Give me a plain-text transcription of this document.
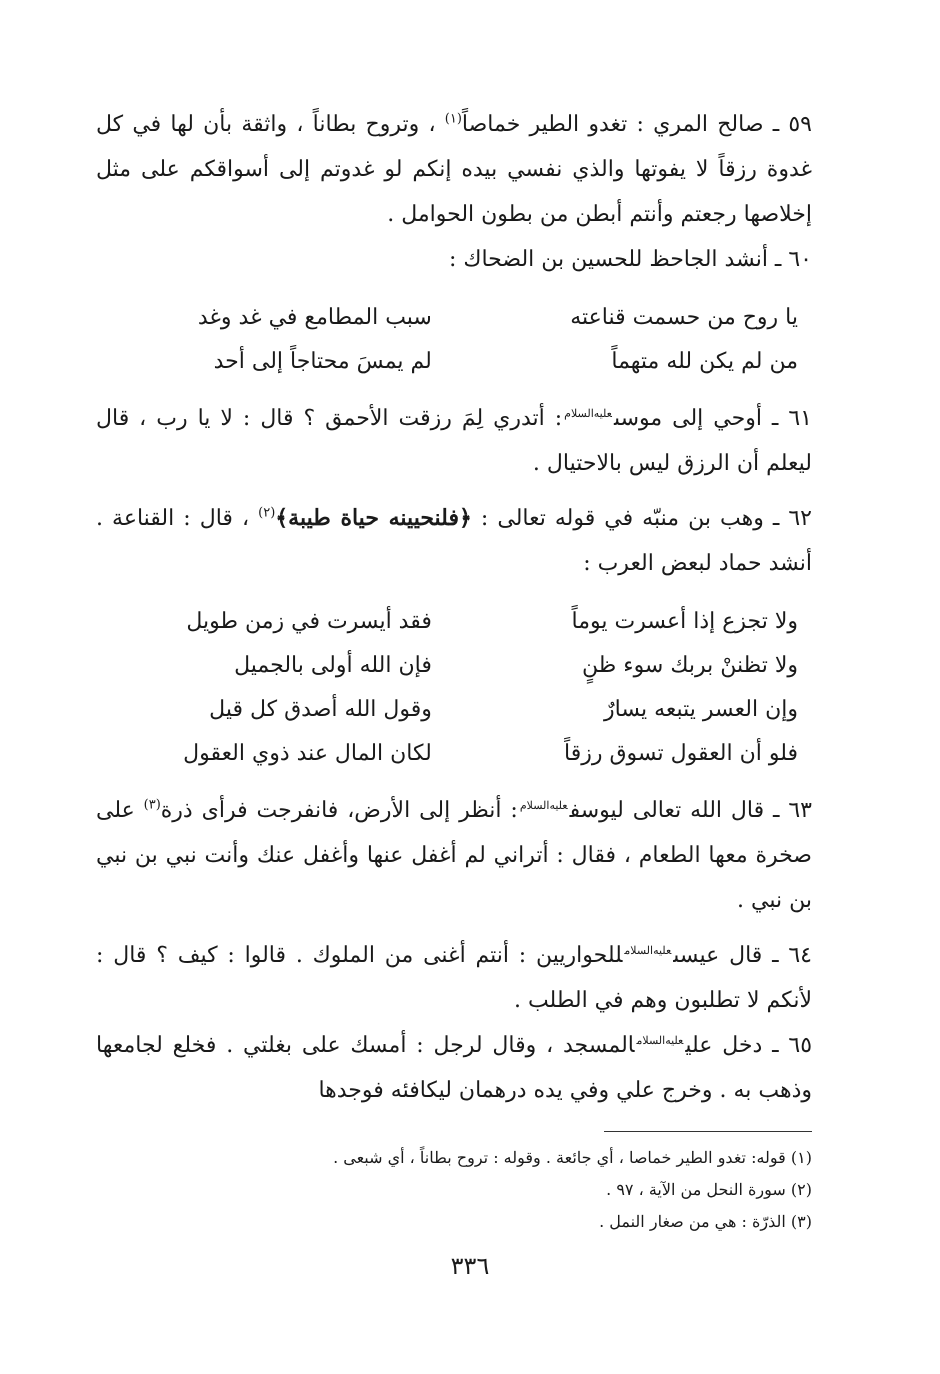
٥٩ ـ صالح المري : تغدو الطير خماصاً$^{(١)}$ ، وتروح بطاناً ، واثقة بأن لها في كل غدوة رزقاً لا يفوتها والذي نفسي بيده إنكم لو غدوتم إلى أسواقكم على مثل إخلاصها رجعتم وأنتم أبطن من بطون الحوامل .

٦٠ ـ أنشد الجاحظ للحسين بن الضحاك :

يا روح من حسمت قناعته
سبب المطامع في غد وغد
من لم يكن لله متهماً
لم يمسَ محتاجاً إلى أحد

٦١ ـ أوحي إلى موسى$^{عليه‌السلام}$: أتدري لِمَ رزقت الأحمق ؟ قال : لا يا رب ، قال ليعلم أن الرزق ليس بالاحتيال .

٦٢ ـ وهب بن منبّه في قوله تعالى : ﴿فلنحيينه حياة طيبة﴾$^{(٢)}$ ، قال : القناعة . أنشد حماد لبعض العرب :

ولا تجزع إذا أعسرت يوماً
فقد أيسرت في زمن طويل
ولا تظننْ بربك سوء ظنٍ
فإن الله أولى بالجميل
وإن العسر يتبعه يسارٌ
وقول الله أصدق كل قيل
فلو أن العقول تسوق رزقاً
لكان المال عند ذوي العقول

٦٣ ـ قال الله تعالى ليوسف$^{عليه‌السلام}$: أنظر إلى الأرض، فانفرجت فرأى ذرة$^{(٣)}$ على صخرة معها الطعام ، فقال : أتراني لم أغفل عنها وأغفل عنك وأنت نبي بن نبي بن نبي .

٦٤ ـ قال عيسى$^{عليه‌السلام}$للحواريين : أنتم أغنى من الملوك . قالوا : كيف ؟ قال : لأنكم لا تطلبون وهم في الطلب .

٦٥ ـ دخل علي$^{عليه‌السلام}$المسجد ، وقال لرجل : أمسك على بغلتي . فخلع لجامعها وذهب به . وخرج علي وفي يده درهمان ليكافئه فوجدها

(١) قوله: تغدو الطير خماصا ، أي جائعة . وقوله : تروح بطاناً ، أي شبعى .
(٢) سورة النحل من الآية ، ٩٧ .
(٣) الذرّة : هي من صغار النمل .
٣٣٦
